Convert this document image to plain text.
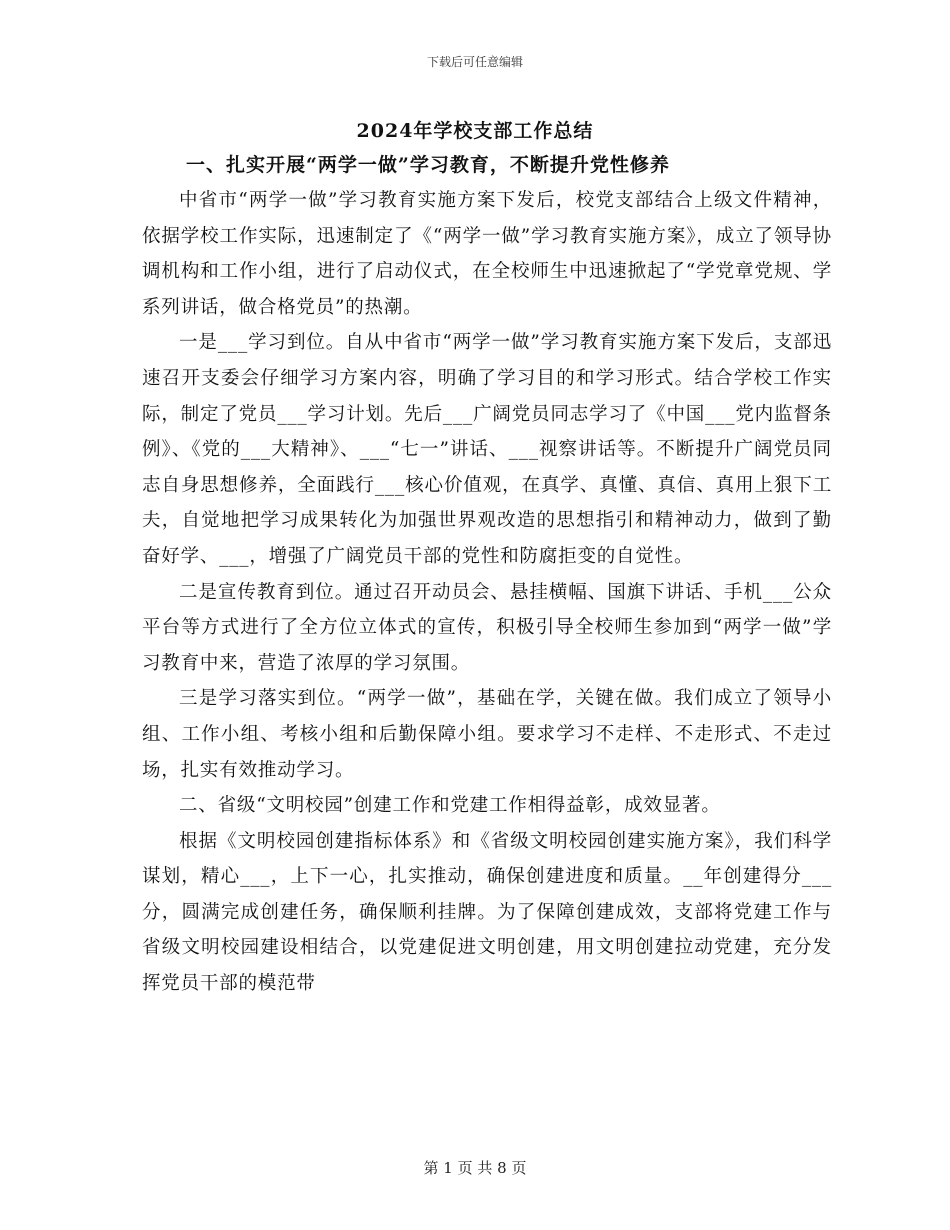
下载后可任意编辑
2024年学校支部工作总结
一、扎实开展“两学一做”学习教育，不断提升党性修养

中省市“两学一做”学习教育实施方案下发后，校党支部结合上级文件精神，依据学校工作实际，迅速制定了《“两学一做”学习教育实施方案》，成立了领导协调机构和工作小组，进行了启动仪式，在全校师生中迅速掀起了“学党章党规、学系列讲话，做合格党员”的热潮。

一是___学习到位。自从中省市“两学一做”学习教育实施方案下发后，支部迅速召开支委会仔细学习方案内容，明确了学习目的和学习形式。结合学校工作实际，制定了党员___学习计划。先后___广阔党员同志学习了《中国___党内监督条例》、《党的___大精神》、___“七一”讲话、___视察讲话等。不断提升广阔党员同志自身思想修养，全面践行___核心价值观，在真学、真懂、真信、真用上狠下工夫，自觉地把学习成果转化为加强世界观改造的思想指引和精神动力，做到了勤奋好学、___，增强了广阔党员干部的党性和防腐拒变的自觉性。

二是宣传教育到位。通过召开动员会、悬挂横幅、国旗下讲话、手机___公众平台等方式进行了全方位立体式的宣传，积极引导全校师生参加到“两学一做”学习教育中来，营造了浓厚的学习氛围。

三是学习落实到位。“两学一做”，基础在学，关键在做。我们成立了领导小组、工作小组、考核小组和后勤保障小组。要求学习不走样、不走形式、不走过场，扎实有效推动学习。

二、省级“文明校园”创建工作和党建工作相得益彰，成效显著。

根据《文明校园创建指标体系》和《省级文明校园创建实施方案》，我们科学谋划，精心___，上下一心，扎实推动，确保创建进度和质量。__年创建得分___分，圆满完成创建任务，确保顺利挂牌。为了保障创建成效，支部将党建工作与省级文明校园建设相结合，以党建促进文明创建，用文明创建拉动党建，充分发挥党员干部的模范带

第 1 页 共 8 页
